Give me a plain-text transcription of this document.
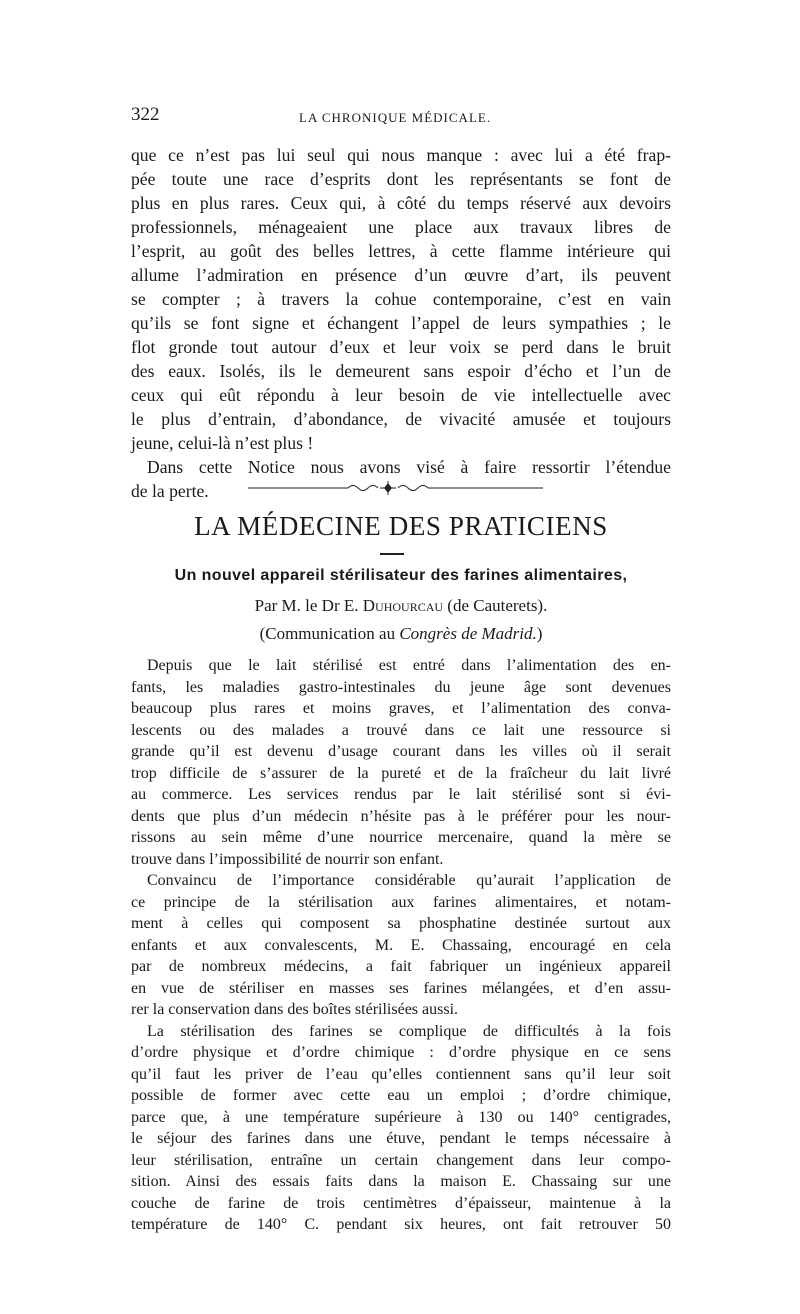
322	LA CHRONIQUE MÉDICALE.
que ce n’est pas lui seul qui nous manque : avec lui a été frap-
pée toute une race d’esprits dont les représentants se font de
plus en plus rares. Ceux qui, à côté du temps réservé aux devoirs
professionnels, ménageaient une place aux travaux libres de
l’esprit, au goût des belles lettres, à cette flamme intérieure qui
allume l’admiration en présence d’un œuvre d’art, ils peuvent
se compter ; à travers la cohue contemporaine, c’est en vain
qu’ils se font signe et échangent l’appel de leurs sympathies ; le
flot gronde tout autour d’eux et leur voix se perd dans le bruit
des eaux. Isolés, ils le demeurent sans espoir d’écho et l’un de
ceux qui eût répondu à leur besoin de vie intellectuelle avec
le plus d’entrain, d’abondance, de vivacité amusée et toujours
jeune, celui-là n’est plus !
Dans cette Notice nous avons visé à faire ressortir l’étendue
de la perte.
LA MÉDECINE DES PRATICIENS
Un nouvel appareil stérilisateur des farines alimentaires,
Par M. le Dr E. Duhourcau (de Cauterets).
(Communication au Congrès de Madrid.)
Depuis que le lait stérilisé est entré dans l’alimentation des en-
fants, les maladies gastro-intestinales du jeune âge sont devenues
beaucoup plus rares et moins graves, et l’alimentation des conva-
lescents ou des malades a trouvé dans ce lait une ressource si
grande qu’il est devenu d’usage courant dans les villes où il serait
trop difficile de s’assurer de la pureté et de la fraîcheur du lait livré
au commerce. Les services rendus par le lait stérilisé sont si évi-
dents que plus d’un médecin n’hésite pas à le préférer pour les nour-
rissons au sein même d’une nourrice mercenaire, quand la mère se
trouve dans l’impossibilité de nourrir son enfant.
Convaincu de l’importance considérable qu’aurait l’application de
ce principe de la stérilisation aux farines alimentaires, et notam-
ment à celles qui composent sa phosphatine destinée surtout aux
enfants et aux convalescents, M. E. Chassaing, encouragé en cela
par de nombreux médecins, a fait fabriquer un ingénieux appareil
en vue de stériliser en masses ses farines mélangées, et d’en assu-
rer la conservation dans des boîtes stérilisées aussi.
La stérilisation des farines se complique de difficultés à la fois
d’ordre physique et d’ordre chimique : d’ordre physique en ce sens
qu’il faut les priver de l’eau qu’elles contiennent sans qu’il leur soit
possible de former avec cette eau un emploi ; d’ordre chimique,
parce que, à une température supérieure à 130 ou 140° centigrades,
le séjour des farines dans une étuve, pendant le temps nécessaire à
leur stérilisation, entraîne un certain changement dans leur compo-
sition. Ainsi des essais faits dans la maison E. Chassaing sur une
couche de farine de trois centimètres d’épaisseur, maintenue à la
température de 140° C. pendant six heures, ont fait retrouver 50
